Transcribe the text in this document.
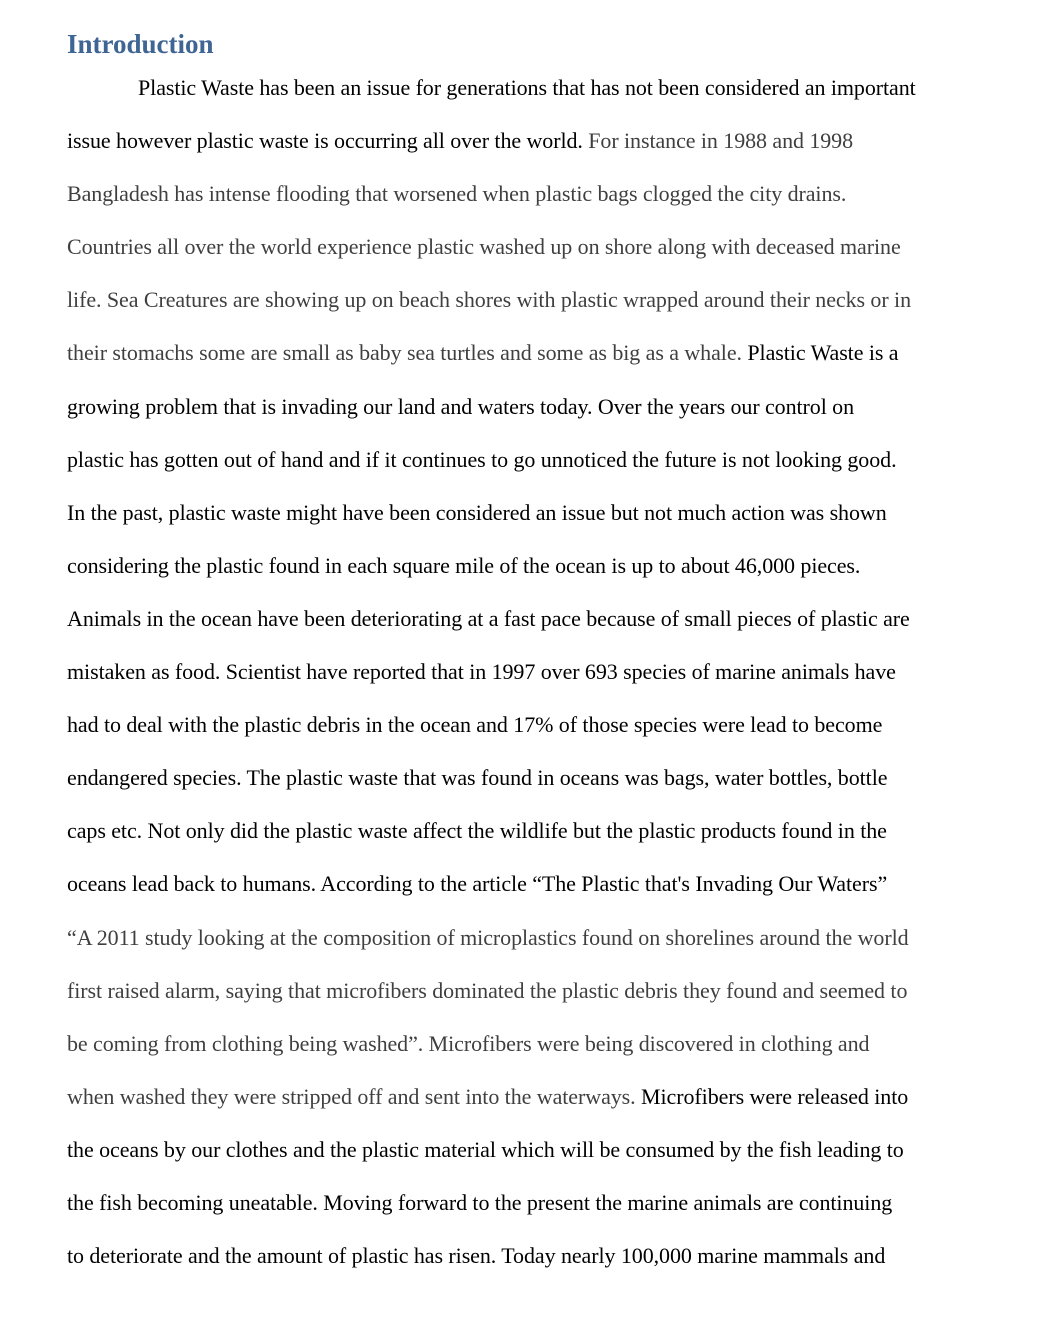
Introduction
Plastic Waste has been an issue for generations that has not been considered an important
issue however plastic waste is occurring all over the world. For instance in 1988 and 1998
Bangladesh has intense flooding that worsened when plastic bags clogged the city drains.
Countries all over the world experience plastic washed up on shore along with deceased marine
life. Sea Creatures are showing up on beach shores with plastic wrapped around their necks or in
their stomachs some are small as baby sea turtles and some as big as a whale. Plastic Waste is a
growing problem that is invading our land and waters today. Over the years our control on
plastic has gotten out of hand and if it continues to go unnoticed the future is not looking good.
In the past, plastic waste might have been considered an issue but not much action was shown
considering the plastic found in each square mile of the ocean is up to about 46,000 pieces.
Animals in the ocean have been deteriorating at a fast pace because of small pieces of plastic are
mistaken as food. Scientist have reported that in 1997 over 693 species of marine animals have
had to deal with the plastic debris in the ocean and 17% of those species were lead to become
endangered species. The plastic waste that was found in oceans was bags, water bottles, bottle
caps etc. Not only did the plastic waste affect the wildlife but the plastic products found in the
oceans lead back to humans. According to the article “The Plastic that's Invading Our Waters”
“A 2011 study looking at the composition of microplastics found on shorelines around the world
first raised alarm, saying that microfibers dominated the plastic debris they found and seemed to
be coming from clothing being washed”. Microfibers were being discovered in clothing and
when washed they were stripped off and sent into the waterways. Microfibers were released into
the oceans by our clothes and the plastic material which will be consumed by the fish leading to
the fish becoming uneatable. Moving forward to the present the marine animals are continuing
to deteriorate and the amount of plastic has risen. Today nearly 100,000 marine mammals and
